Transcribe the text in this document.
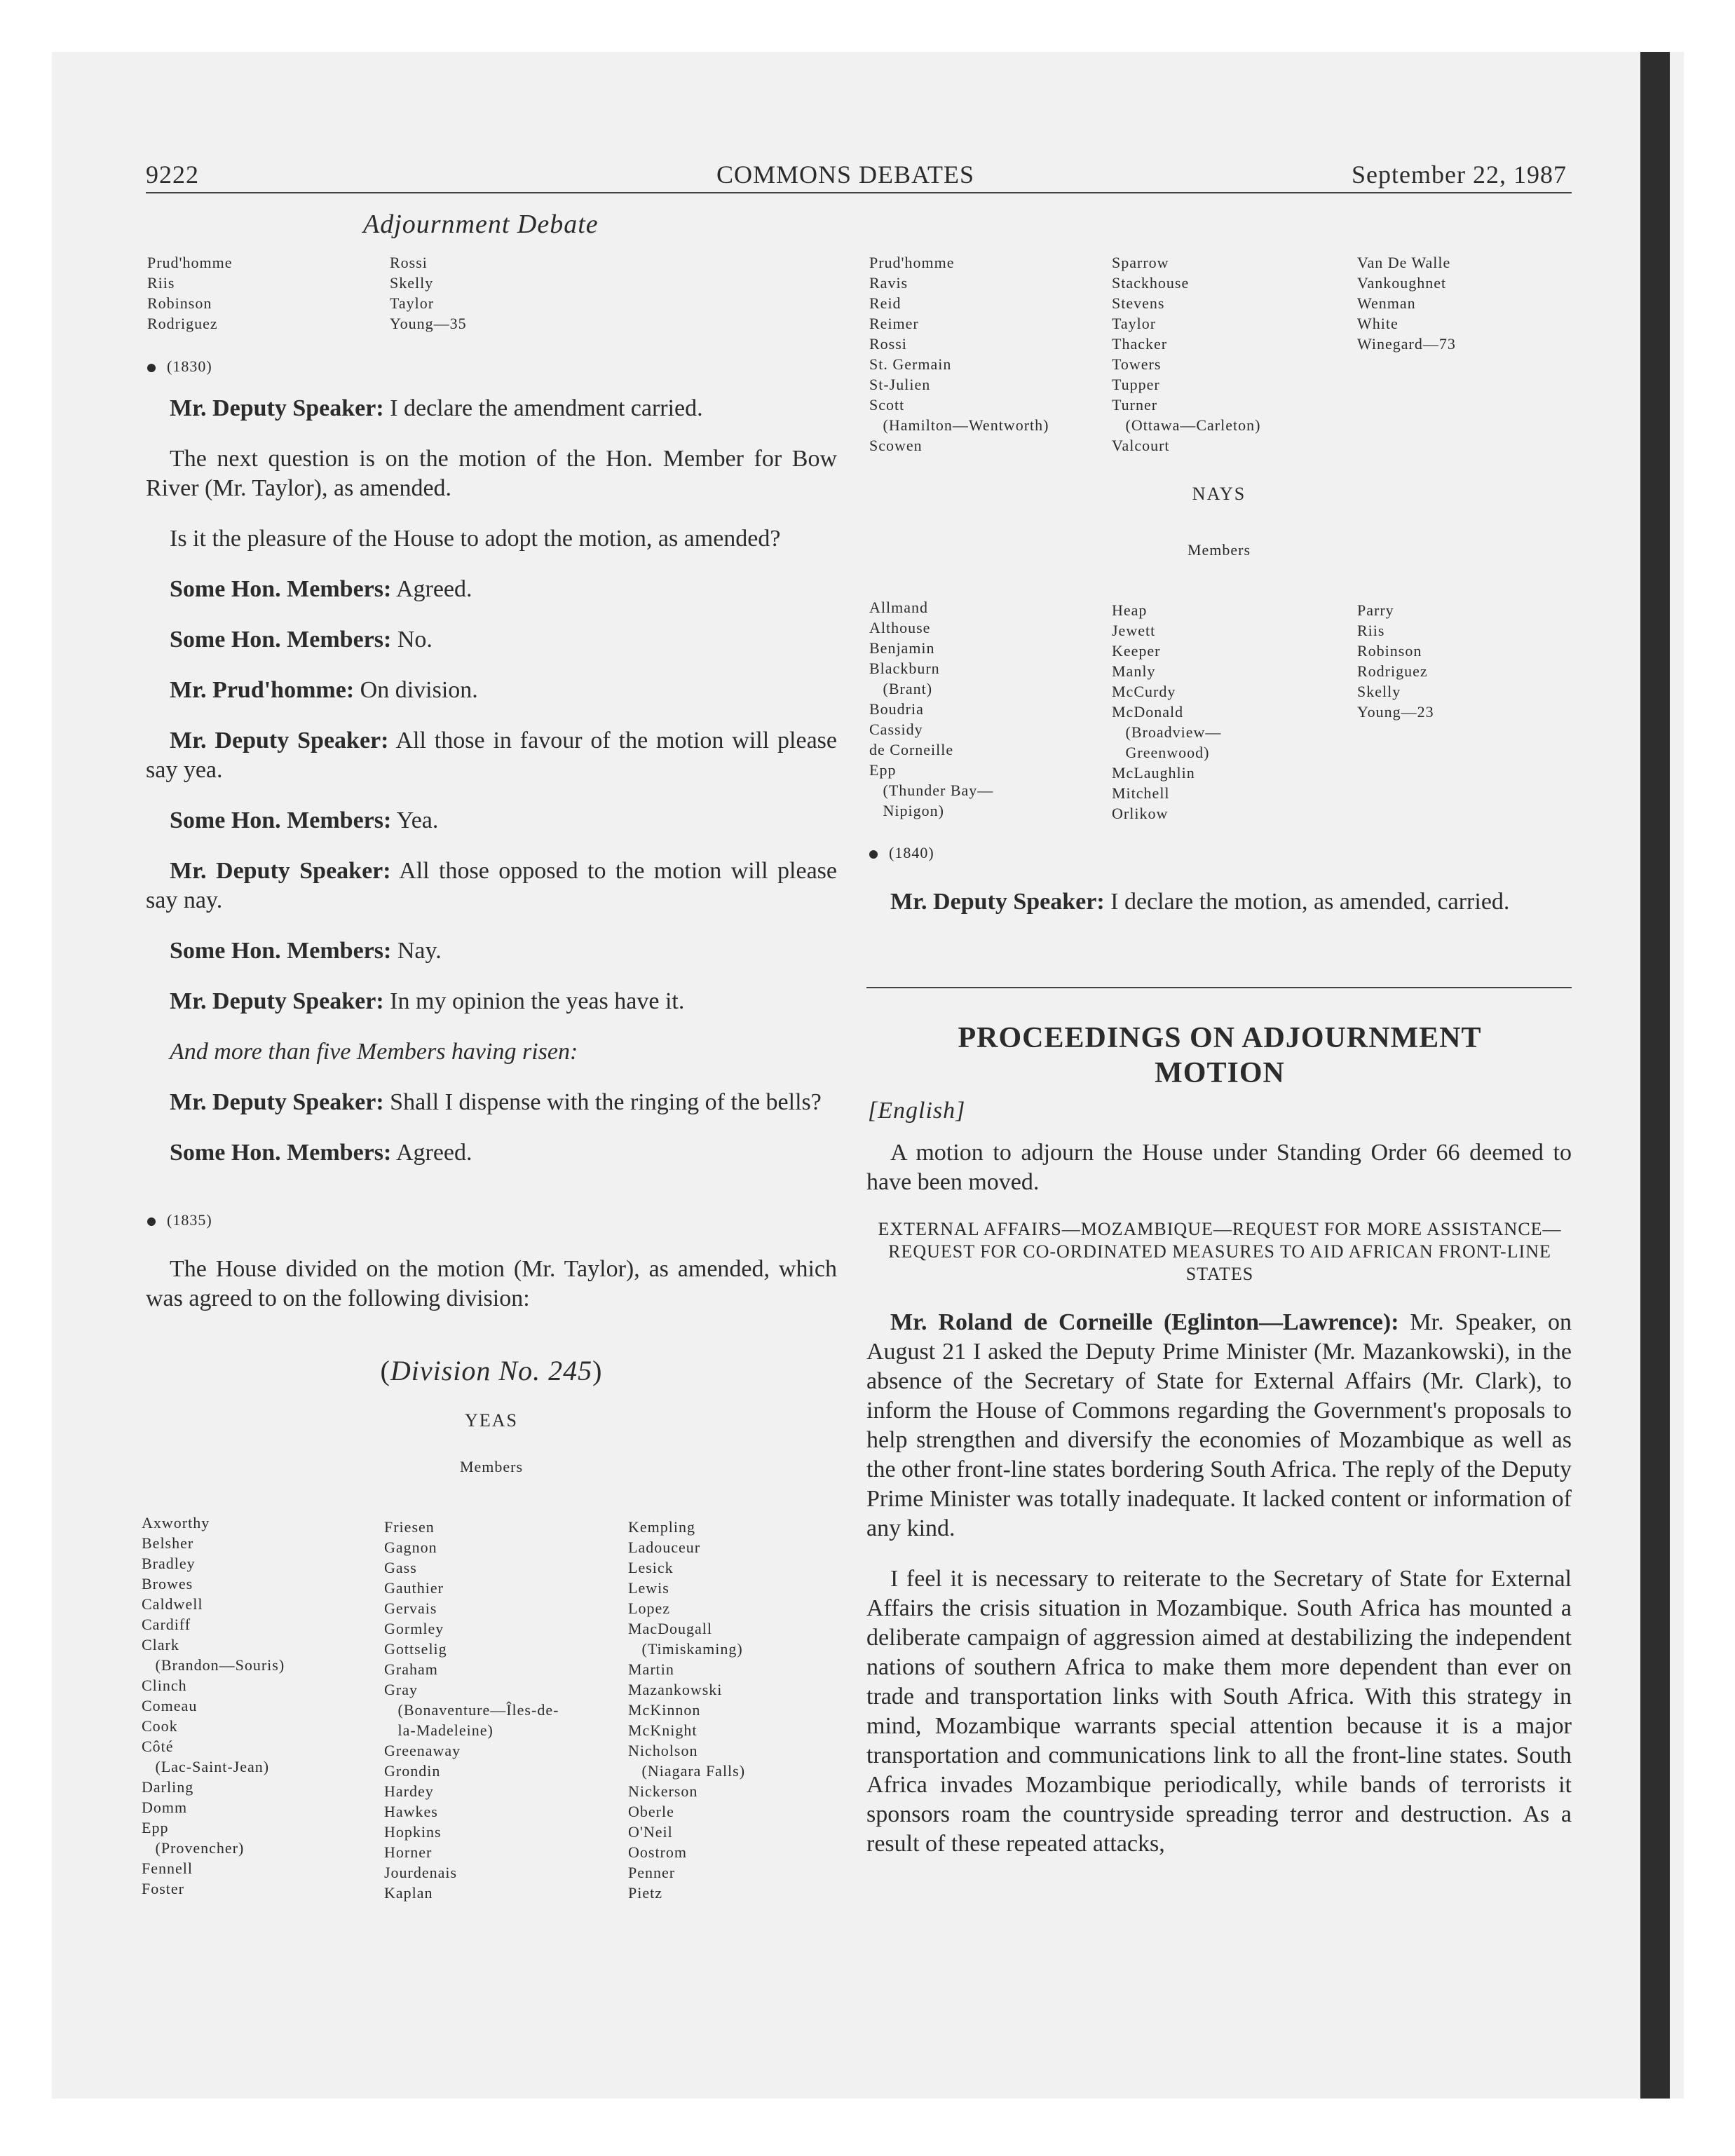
9222	COMMONS DEBATES	September 22, 1987
Adjournment Debate
Prud'homme
Riis
Robinson
Rodriguez
Rossi
Skelly
Taylor
Young—35
(1830)

Mr. Deputy Speaker: I declare the amendment carried.

The next question is on the motion of the Hon. Member for Bow River (Mr. Taylor), as amended.

Is it the pleasure of the House to adopt the motion, as amended?

Some Hon. Members: Agreed.

Some Hon. Members: No.

Mr. Prud'homme: On division.

Mr. Deputy Speaker: All those in favour of the motion will please say yea.

Some Hon. Members: Yea.

Mr. Deputy Speaker: All those opposed to the motion will please say nay.

Some Hon. Members: Nay.

Mr. Deputy Speaker: In my opinion the yeas have it.

And more than five Members having risen:

Mr. Deputy Speaker: Shall I dispense with the ringing of the bells?

Some Hon. Members: Agreed.

(1835)

The House divided on the motion (Mr. Taylor), as amended, which was agreed to on the following division:

(Division No. 245)
YEAS
Members
Axworthy
Belsher
Bradley
Browes
Caldwell
Cardiff
Clark
(Brandon—Souris)
Clinch
Comeau
Cook
Côté
(Lac-Saint-Jean)
Darling
Domm
Epp
(Provencher)
Fennell
Foster
Friesen
Gagnon
Gass
Gauthier
Gervais
Gormley
Gottselig
Graham
Gray
(Bonaventure—Îles-de-
la-Madeleine)
Greenaway
Grondin
Hardey
Hawkes
Hopkins
Horner
Jourdenais
Kaplan
Kempling
Ladouceur
Lesick
Lewis
Lopez
MacDougall
(Timiskaming)
Martin
Mazankowski
McKinnon
McKnight
Nicholson
(Niagara Falls)
Nickerson
Oberle
O'Neil
Oostrom
Penner
Pietz
Prud'homme
Ravis
Reid
Reimer
Rossi
St. Germain
St-Julien
Scott
(Hamilton—Wentworth)
Scowen
Sparrow
Stackhouse
Stevens
Taylor
Thacker
Towers
Tupper
Turner
(Ottawa—Carleton)
Valcourt
Van De Walle
Vankoughnet
Wenman
White
Winegard—73
NAYS
Members
Allmand
Althouse
Benjamin
Blackburn
(Brant)
Boudria
Cassidy
de Corneille
Epp
(Thunder Bay—
Nipigon)
Heap
Jewett
Keeper
Manly
McCurdy
McDonald
(Broadview—
Greenwood)
McLaughlin
Mitchell
Orlikow
Parry
Riis
Robinson
Rodriguez
Skelly
Young—23
(1840)

Mr. Deputy Speaker: I declare the motion, as amended, carried.

PROCEEDINGS ON ADJOURNMENT MOTION
[English]

A motion to adjourn the House under Standing Order 66 deemed to have been moved.

EXTERNAL AFFAIRS—MOZAMBIQUE—REQUEST FOR MORE ASSISTANCE—REQUEST FOR CO-ORDINATED MEASURES TO AID AFRICAN FRONT-LINE STATES

Mr. Roland de Corneille (Eglinton—Lawrence): Mr. Speaker, on August 21 I asked the Deputy Prime Minister (Mr. Mazankowski), in the absence of the Secretary of State for External Affairs (Mr. Clark), to inform the House of Commons regarding the Government's proposals to help strengthen and diversify the economies of Mozambique as well as the other front-line states bordering South Africa. The reply of the Deputy Prime Minister was totally inadequate. It lacked content or information of any kind.

I feel it is necessary to reiterate to the Secretary of State for External Affairs the crisis situation in Mozambique. South Africa has mounted a deliberate campaign of aggression aimed at destabilizing the independent nations of southern Africa to make them more dependent than ever on trade and transportation links with South Africa. With this strategy in mind, Mozambique warrants special attention because it is a major transportation and communications link to all the front-line states. South Africa invades Mozambique periodically, while bands of terrorists it sponsors roam the countryside spreading terror and destruction. As a result of these repeated attacks,
